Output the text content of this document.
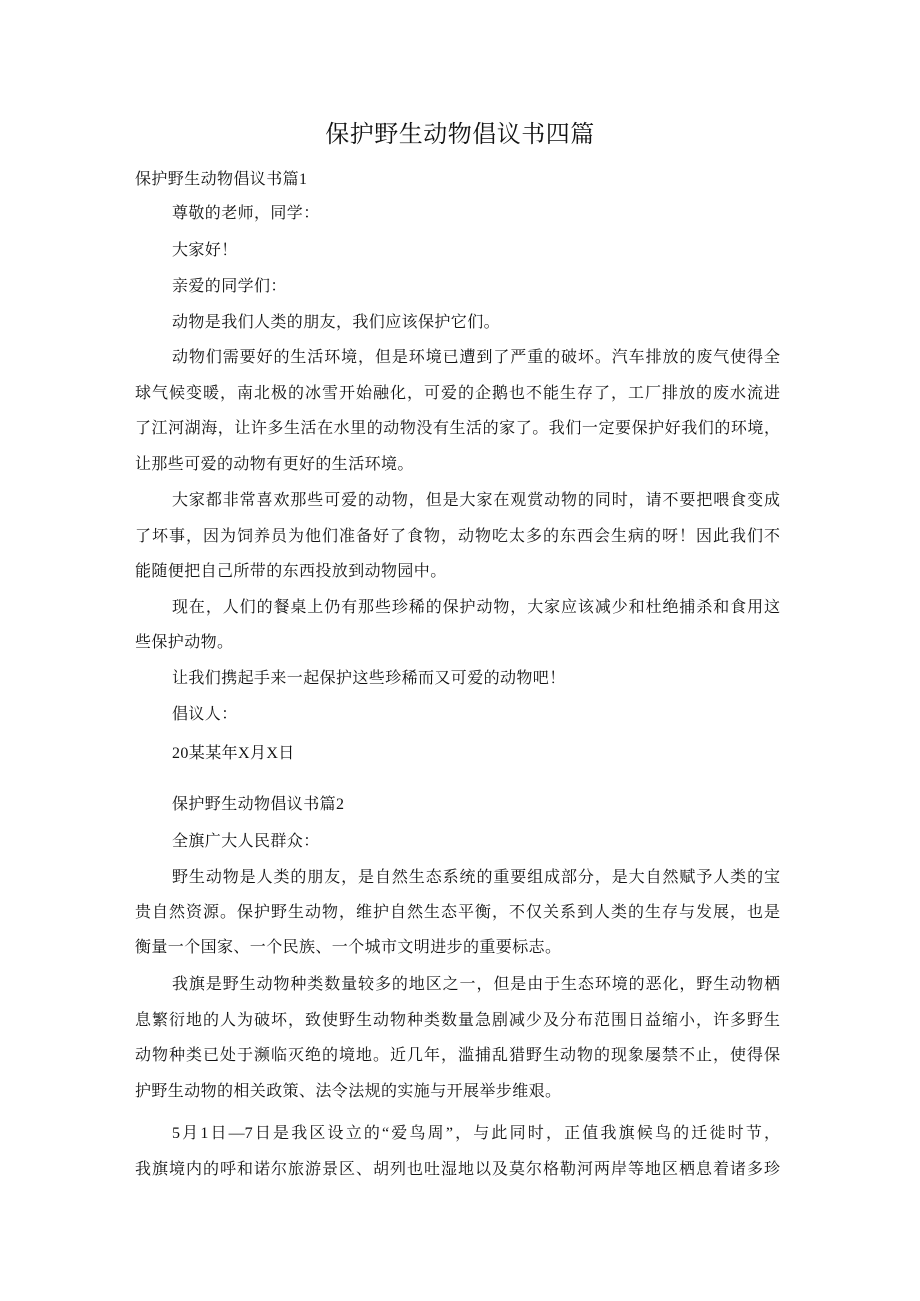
保护野生动物倡议书四篇
保护野生动物倡议书篇1
尊敬的老师，同学：
大家好！
亲爱的同学们：
动物是我们人类的朋友，我们应该保护它们。
动物们需要好的生活环境，但是环境已遭到了严重的破坏。汽车排放的废气使得全
球气候变暖，南北极的冰雪开始融化，可爱的企鹅也不能生存了，工厂排放的废水流进
了江河湖海，让许多生活在水里的动物没有生活的家了。我们一定要保护好我们的环境，
让那些可爱的动物有更好的生活环境。
大家都非常喜欢那些可爱的动物，但是大家在观赏动物的同时，请不要把喂食变成
了坏事，因为饲养员为他们准备好了食物，动物吃太多的东西会生病的呀！因此我们不
能随便把自己所带的东西投放到动物园中。
现在，人们的餐桌上仍有那些珍稀的保护动物，大家应该减少和杜绝捕杀和食用这
些保护动物。
让我们携起手来一起保护这些珍稀而又可爱的动物吧！
倡议人：
20某某年X月X日
保护野生动物倡议书篇2
全旗广大人民群众：
野生动物是人类的朋友，是自然生态系统的重要组成部分，是大自然赋予人类的宝
贵自然资源。保护野生动物，维护自然生态平衡，不仅关系到人类的生存与发展，也是
衡量一个国家、一个民族、一个城市文明进步的重要标志。
我旗是野生动物种类数量较多的地区之一，但是由于生态环境的恶化，野生动物栖
息繁衍地的人为破坏，致使野生动物种类数量急剧减少及分布范围日益缩小，许多野生
动物种类已处于濒临灭绝的境地。近几年，滥捕乱猎野生动物的现象屡禁不止，使得保
护野生动物的相关政策、法令法规的实施与开展举步维艰。
5月1日—7日是我区设立的“爱鸟周”，与此同时，正值我旗候鸟的迁徙时节，
我旗境内的呼和诺尔旅游景区、胡列也吐湿地以及莫尔格勒河两岸等地区栖息着诸多珍
